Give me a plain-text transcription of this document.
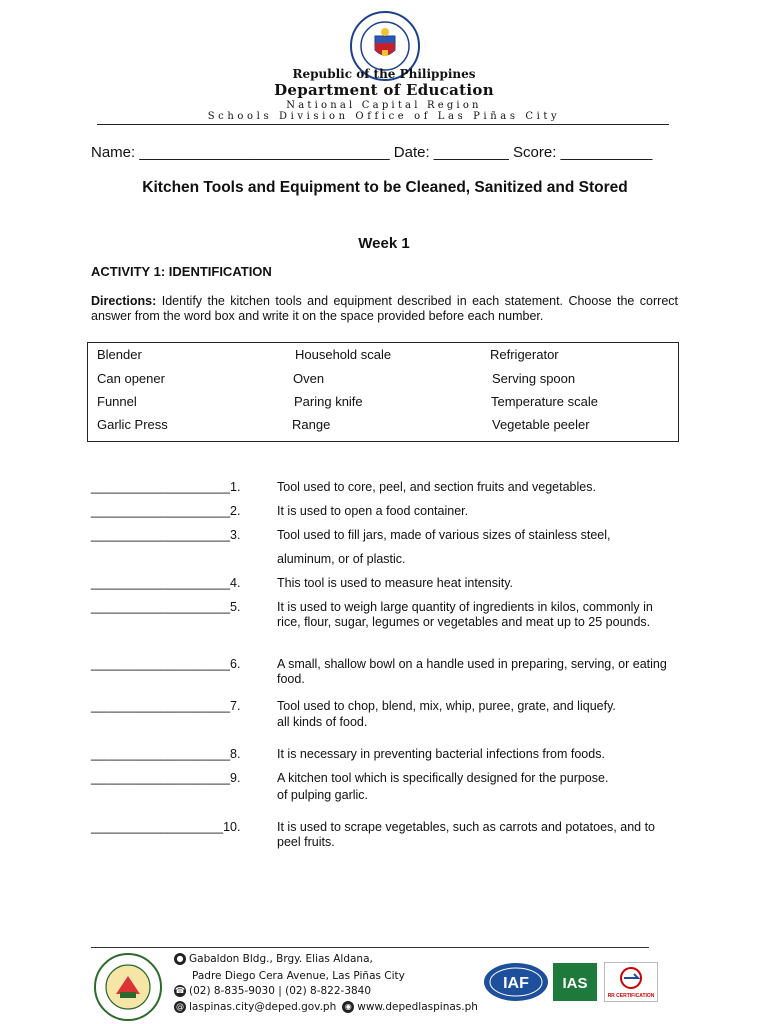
Republic of the Philippines
Department of Education
National Capital Region
Schools Division Office of Las Piñas City
Name: ______________________________ Date: _________ Score: ___________
Kitchen Tools and Equipment to be Cleaned, Sanitized and Stored
Week 1
ACTIVITY 1: IDENTIFICATION
Directions: Identify the kitchen tools and equipment described in each statement. Choose the correct answer from the word box and write it on the space provided before each number.
Blender	Household scale	Refrigerator
Can opener	Oven	Serving spoon
Funnel	Paring knife	Temperature scale
Garlic Press	Range	Vegetable peeler
____________________1.	Tool used to core, peel, and section fruits and vegetables.
____________________2.	It is used to open a food container.
____________________3.	Tool used to fill jars, made of various sizes of stainless steel,
aluminum, or of plastic.
____________________4.	This tool is used to measure heat intensity.
____________________5.	It is used to weigh large quantity of ingredients in kilos, commonly in rice, flour, sugar, legumes or vegetables and meat up to 25 pounds.
____________________6.	A small, shallow bowl on a handle used in preparing, serving, or eating food.
____________________7.	Tool used to chop, blend, mix, whip, puree, grate, and liquefy.
all kinds of food.
____________________8.	It is necessary in preventing bacterial infections from foods.
____________________9.	A kitchen tool which is specifically designed for the purpose.
of pulping garlic.
___________________10.	It is used to scrape vegetables, such as carrots and potatoes, and to peel fruits.
● Gabaldon Bldg., Brgy. Elias Aldana,
Padre Diego Cera Avenue, Las Piñas City
☎ (02) 8-835-9030 | (02) 8-822-3840
@ laspinas.city@deped.gov.ph ◉ www.depedlaspinas.ph
IAF IAS
RR CERTIFICATION
